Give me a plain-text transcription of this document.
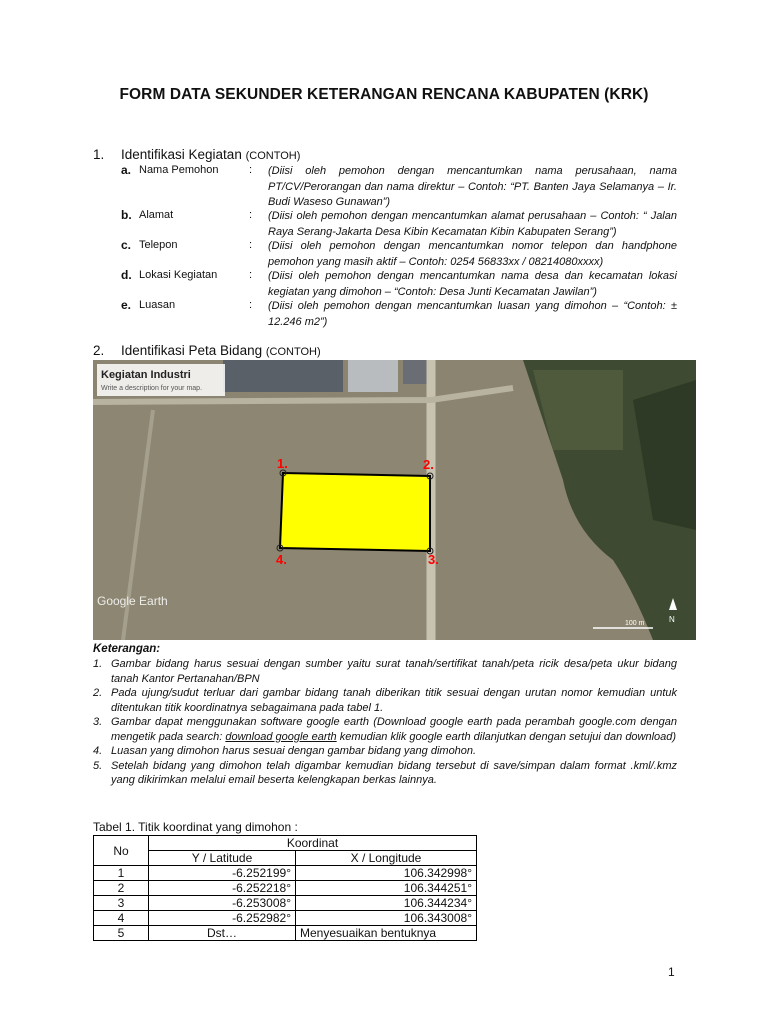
FORM DATA SEKUNDER KETERANGAN RENCANA KABUPATEN (KRK)
1. Identifikasi Kegiatan (CONTOH)
a. Nama Pemohon	: (Diisi oleh pemohon dengan mencantumkan nama perusahaan, nama PT/CV/Perorangan dan nama direktur – Contoh: “PT. Banten Jaya Selamanya – Ir. Budi Waseso Gunawan”)
b. Alamat	: (Diisi oleh pemohon dengan mencantumkan alamat perusahaan – Contoh: “ Jalan Raya Serang-Jakarta Desa Kibin Kecamatan Kibin Kabupaten Serang”)
c. Telepon	: (Diisi oleh pemohon dengan mencantumkan nomor telepon dan handphone pemohon yang masih aktif – Contoh: 0254 56833xx / 08214080xxxx)
d. Lokasi Kegiatan	: (Diisi oleh pemohon dengan mencantumkan nama desa dan kecamatan lokasi kegiatan yang dimohon – “Contoh: Desa Junti Kecamatan Jawilan”)
e. Luasan	: (Diisi oleh pemohon dengan mencantumkan luasan yang dimohon – “Contoh: ± 12.246 m2”)
2. Identifikasi Peta Bidang (CONTOH)
1.	2.
3.
4.
Kegiatan Industri
Write a description for your map.
Google Earth
N
100 m
Keterangan:
1. Gambar bidang harus sesuai dengan sumber yaitu surat tanah/sertifikat tanah/peta ricik desa/peta ukur bidang tanah Kantor Pertanahan/BPN
2. Pada ujung/sudut terluar dari gambar bidang tanah diberikan titik sesuai dengan urutan nomor kemudian untuk ditentukan titik koordinatnya sebagaimana pada tabel 1.
3. Gambar dapat menggunakan software google earth (Download google earth pada perambah google.com dengan mengetik pada search: download google earth kemudian klik google earth dilanjutkan dengan setujui dan download)
4. Luasan yang dimohon harus sesuai dengan gambar bidang yang dimohon.
5. Setelah bidang yang dimohon telah digambar kemudian bidang tersebut di save/simpan dalam format .kml/.kmz yang dikirimkan melalui email beserta kelengkapan berkas lainnya.
Tabel 1. Titik koordinat yang dimohon :
No	Koordinat	
	Y / Latitude	X / Longitude
1	-6.252199°	106.342998°
2	-6.252218°	106.344251°
3	-6.253008°	106.344234°
4	-6.252982°	106.343008°
5	Dst…	Menyesuaikan bentuknya
1
